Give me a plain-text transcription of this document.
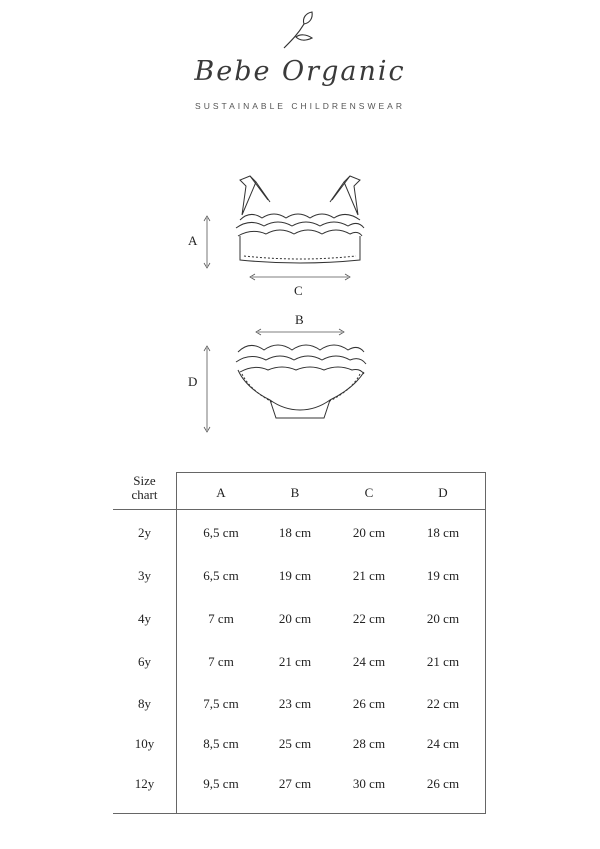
Bebe Organic
SUSTAINABLE CHILDRENSWEAR
A
C
B
D
Size
chart	A	B	C	D
2y	6,5 cm	18 cm	20 cm	18 cm
3y	6,5 cm	19 cm	21 cm	19 cm
4y	7 cm	20 cm	22 cm	20 cm
6y	7 cm	21 cm	24 cm	21 cm
8y	7,5 cm	23 cm	26 cm	22 cm
10y	8,5 cm	25 cm	28 cm	24 cm
12y	9,5 cm	27 cm	30 cm	26 cm
